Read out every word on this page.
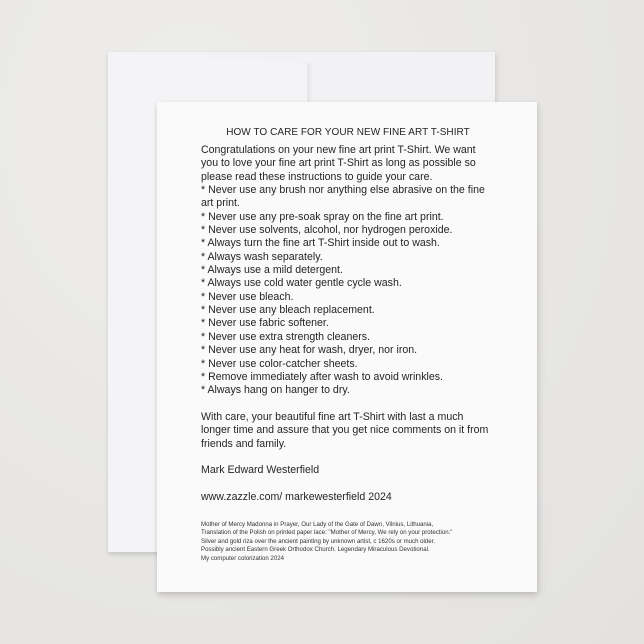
HOW TO CARE FOR YOUR NEW FINE ART T-SHIRT
Congratulations on your new fine art print T-Shirt. We want
you to love your fine art print T-Shirt as long as possible so
please read these instructions to guide your care.
* Never use any brush nor anything else abrasive on the fine
art print.
* Never use any pre-soak spray on the fine art print.
* Never use solvents, alcohol, nor hydrogen peroxide.
* Always turn the fine art T-Shirt inside out to wash.
* Always wash separately.
* Always use a mild detergent.
* Always use cold water gentle cycle wash.
* Never use bleach.
* Never use any bleach replacement.
* Never use fabric softener.
* Never use extra strength cleaners.
* Never use any heat for wash, dryer, nor iron.
* Never use color-catcher sheets.
* Remove immediately after wash to avoid wrinkles.
* Always hang on hanger to dry.
With care, your beautiful fine art T-Shirt with last a much
longer time and assure that you get nice comments on it from
friends and family.
Mark Edward Westerfield
www.zazzle.com/ markewesterfield 2024
Mother of Mercy Madonna in Prayer, Our Lady of the Gate of Dawn, Vilnius, Lithuania,
Translation of the Polish on printed paper lace: "Mother of Mercy, We rely on your protection."
Silver and gold riza over the ancient painting by unknown artist, c 1620s or much older.
Possibly ancient Eastern Greek Orthodox Church. Legendary Miraculous Devotional.
My computer colorization 2024
